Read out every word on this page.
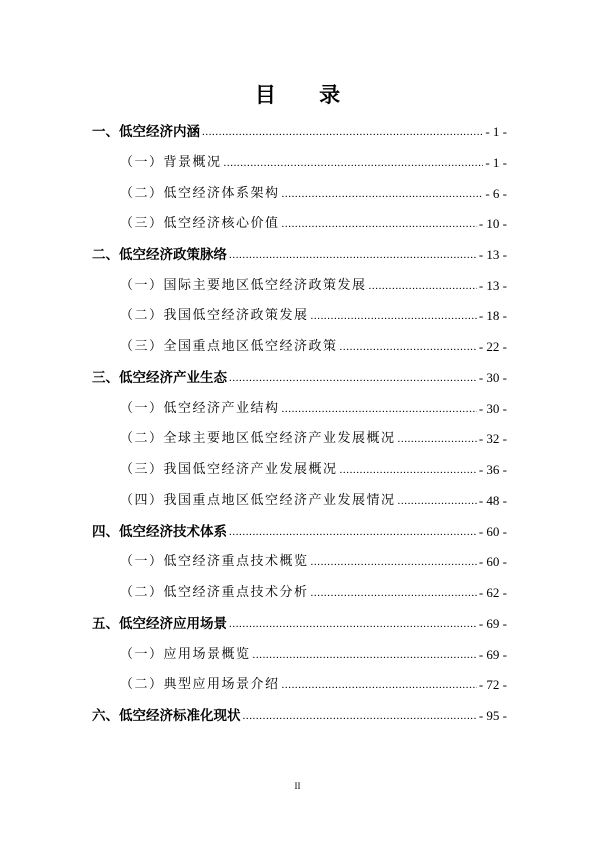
目 录
一、低空经济内涵 .....	- 1 -
（一）背景概况 .....	- 1 -
（二）低空经济体系架构 .....	- 6 -
（三）低空经济核心价值 .....	- 10 -
二、低空经济政策脉络 .....	- 13 -
（一）国际主要地区低空经济政策发展 .....	- 13 -
（二）我国低空经济政策发展 .....	- 18 -
（三）全国重点地区低空经济政策 .....	- 22 -
三、低空经济产业生态 .....	- 30 -
（一）低空经济产业结构 .....	- 30 -
（二）全球主要地区低空经济产业发展概况 .....	- 32 -
（三）我国低空经济产业发展概况 .....	- 36 -
（四）我国重点地区低空经济产业发展情况 .....	- 48 -
四、低空经济技术体系 .....	- 60 -
（一）低空经济重点技术概览 .....	- 60 -
（二）低空经济重点技术分析 .....	- 62 -
五、低空经济应用场景 .....	- 69 -
（一）应用场景概览 .....	- 69 -
（二）典型应用场景介绍 .....	- 72 -
六、低空经济标准化现状 .....	- 95 -
II
